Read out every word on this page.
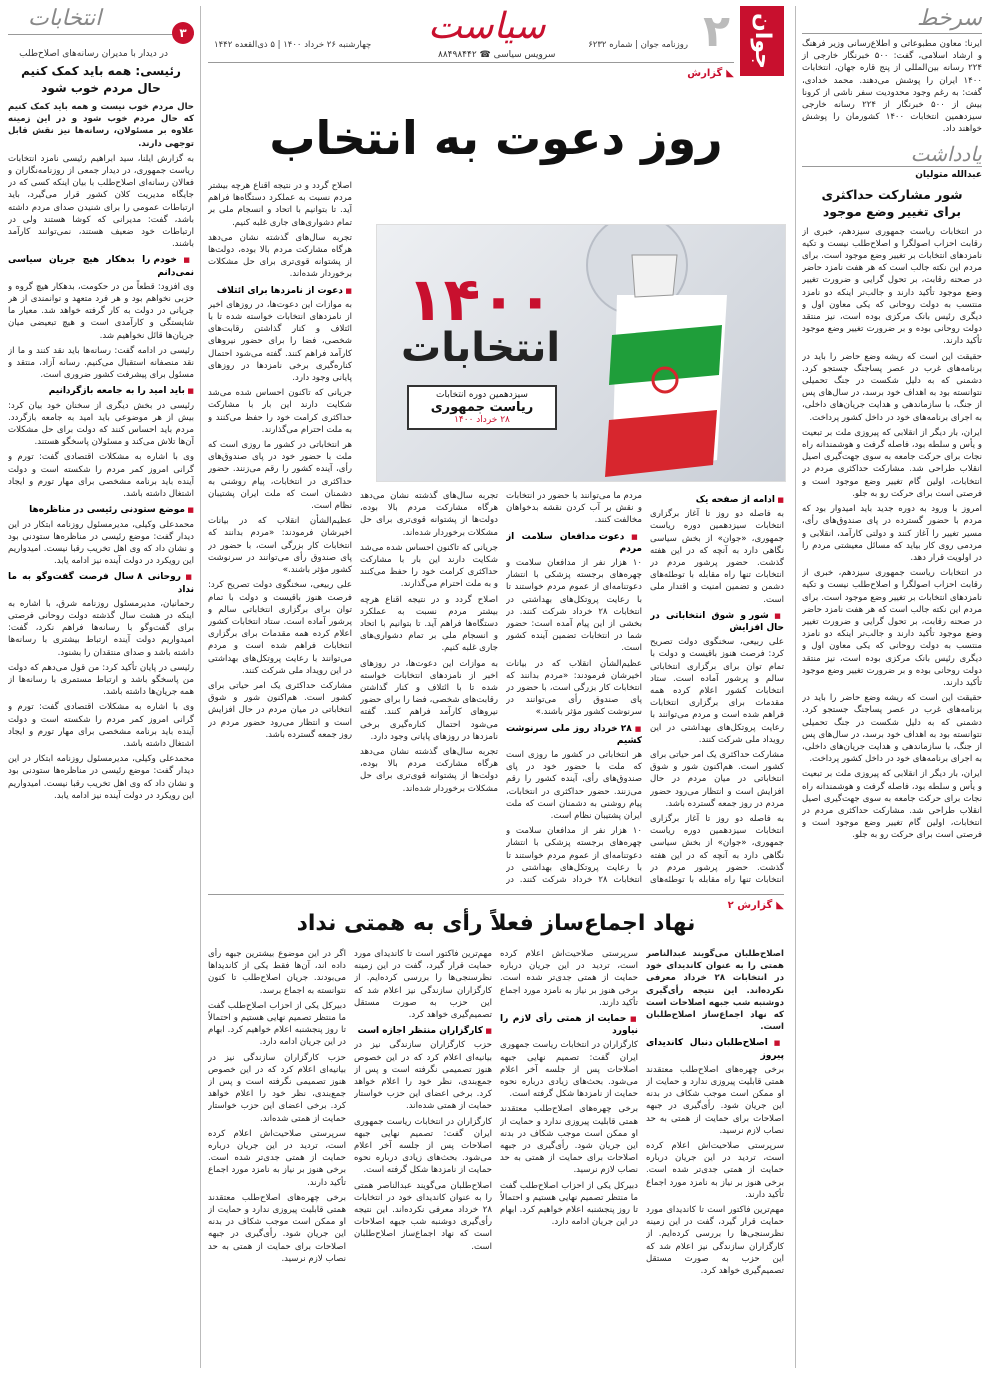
سرخط

ایرنا: معاون مطبوعاتی و اطلاع‌رسانی وزیر فرهنگ و ارشاد اسلامی، گفت: ۵۰۰ خبرنگار خارجی از ۲۲۴ رسانه بین‌المللی از پنج قاره جهان، انتخابات ۱۴۰۰ ایران را پوشش می‌دهند. محمد خدادی، گفت: به رغم وجود محدودیت سفر ناشی از کرونا بیش از ۵۰۰ خبرنگار از ۲۲۴ رسانه خارجی سیزدهمین انتخابات ۱۴۰۰ کشورمان را پوشش خواهند داد.

یادداشت
عبدالله متولیان
شور مشارکت حداکثری برای تغییر وضع موجود

در انتخابات ریاست جمهوری سیزدهم، خبری از رقابت احزاب اصولگرا و اصلاح‌طلب نیست و تکیه نامزدهای انتخابات بر تغییر وضع موجود است. برای مردم این نکته جالب است که هر هفت نامزد حاضر در صحنه رقابت، بر تحول گرایی و ضرورت تغییر وضع موجود تأکید دارند و جالب‌تر اینکه دو نامزد منتسب به دولت روحانی که یکی معاون اول و دیگری رئیس بانک مرکزی بوده است، نیز منتقد دولت روحانی بوده و بر ضرورت تغییر وضع موجود تأکید دارند.

حقیقت این است که ریشه وضع حاضر را باید در برنامه‌های غرب در عصر پساجنگ جستجو کرد. دشمنی که به دلیل شکست در جنگ تحمیلی نتوانسته بود به اهداف خود برسد، در سال‌های پس از جنگ، با سازماندهی و هدایت جریان‌های داخلی، به اجرای برنامه‌های خود در داخل کشور پرداخت.

ایران، بار دیگر از انقلابی که پیروزی ملت بر تبعیت و یأس و سلطه بود، فاصله گرفت و هوشمندانه راه نجات برای حرکت جامعه به سوی جهت‌گیری اصیل انقلاب طراحی شد. مشارکت حداکثری مردم در انتخابات، اولین گام تغییر وضع موجود است و فرصتی است برای حرکت رو به جلو.

امروز با ورود به دوره جدید باید امیدوار بود که مردم با حضور گسترده در پای صندوق‌های رأی، مسیر تغییر را آغاز کنند و دولتی کارآمد، انقلابی و مردمی روی کار بیاید که مسائل معیشتی مردم را در اولویت قرار دهد.

در انتخابات ریاست جمهوری سیزدهم، خبری از رقابت احزاب اصولگرا و اصلاح‌طلب نیست و تکیه نامزدهای انتخابات بر تغییر وضع موجود است. برای مردم این نکته جالب است که هر هفت نامزد حاضر در صحنه رقابت، بر تحول گرایی و ضرورت تغییر وضع موجود تأکید دارند و جالب‌تر اینکه دو نامزد منتسب به دولت روحانی که یکی معاون اول و دیگری رئیس بانک مرکزی بوده است، نیز منتقد دولت روحانی بوده و بر ضرورت تغییر وضع موجود تأکید دارند.

حقیقت این است که ریشه وضع حاضر را باید در برنامه‌های غرب در عصر پساجنگ جستجو کرد. دشمنی که به دلیل شکست در جنگ تحمیلی نتوانسته بود به اهداف خود برسد، در سال‌های پس از جنگ، با سازماندهی و هدایت جریان‌های داخلی، به اجرای برنامه‌های خود در داخل کشور پرداخت.

ایران، بار دیگر از انقلابی که پیروزی ملت بر تبعیت و یأس و سلطه بود، فاصله گرفت و هوشمندانه راه نجات برای حرکت جامعه به سوی جهت‌گیری اصیل انقلاب طراحی شد. مشارکت حداکثری مردم در انتخابات، اولین گام تغییر وضع موجود است و فرصتی است برای حرکت رو به جلو.

انتخابات
۳
در دیدار با مدیران رسانه‌های اصلاح‌طلب
رئیسی: همه باید کمک کنیم حال مردم خوب شود

حال مردم خوب نیست و همه باید کمک کنیم که حال مردم خوب شود و در این زمینه علاوه بر مسئولان، رسانه‌ها نیز نقش قابل توجهی دارند.

به گزارش ایلنا، سید ابراهیم رئیسی نامزد انتخابات ریاست جمهوری، در دیدار جمعی از روزنامه‌نگاران و فعالان رسانه‌ای اصلاح‌طلب با بیان اینکه کسی که در جایگاه مدیریت کلان کشور قرار می‌گیرد، باید ارتباطات عمومی را برای شنیدن صدای مردم داشته باشد، گفت: مدیرانی که کوشا هستند ولی در ارتباطات خود ضعیف هستند، نمی‌توانند کارآمد باشند.

■ خودم را بدهکار هیچ جریان سیاسی نمی‌دانم

وی افزود: قطعاً من در حکومت، بدهکار هیچ گروه و حزبی نخواهم بود و هر فرد متعهد و توانمندی از هر جریانی در دولت به کار گرفته خواهد شد. معیار ما شایستگی و کارآمدی است و هیچ تبعیضی میان جریان‌ها قائل نخواهیم شد.

رئیسی در ادامه گفت: رسانه‌ها باید نقد کنند و ما از نقد منصفانه استقبال می‌کنیم. رسانه آزاد، منتقد و مسئول برای پیشرفت کشور ضروری است.

■ باید امید را به جامعه بازگردانیم

رئیسی در بخش دیگری از سخنان خود بیان کرد: بیش از هر موضوعی باید امید به جامعه بازگردد. مردم باید احساس کنند که دولت برای حل مشکلات آن‌ها تلاش می‌کند و مسئولان پاسخگو هستند.

وی با اشاره به مشکلات اقتصادی گفت: تورم و گرانی امروز کمر مردم را شکسته است و دولت آینده باید برنامه مشخصی برای مهار تورم و ایجاد اشتغال داشته باشد.

■ موضع ستودنی رئیسی در مناظره‌ها

محمدعلی وکیلی، مدیرمسئول روزنامه ابتکار در این دیدار گفت: موضع رئیسی در مناظره‌ها ستودنی بود و نشان داد که وی اهل تخریب رقبا نیست. امیدواریم این رویکرد در دولت آینده نیز ادامه یابد.

■ روحانی ۸ سال فرصت گفت‌وگو به ما نداد

رحمانیان، مدیرمسئول روزنامه شرق، با اشاره به اینکه در هشت سال گذشته دولت روحانی فرصتی برای گفت‌وگو با رسانه‌ها فراهم نکرد، گفت: امیدواریم دولت آینده ارتباط بیشتری با رسانه‌ها داشته باشد و صدای منتقدان را بشنود.

رئیسی در پایان تأکید کرد: من قول می‌دهم که دولت من پاسخگو باشد و ارتباط مستمری با رسانه‌ها از همه جریان‌ها داشته باشد.

وی با اشاره به مشکلات اقتصادی گفت: تورم و گرانی امروز کمر مردم را شکسته است و دولت آینده باید برنامه مشخصی برای مهار تورم و ایجاد اشتغال داشته باشد.

محمدعلی وکیلی، مدیرمسئول روزنامه ابتکار در این دیدار گفت: موضع رئیسی در مناظره‌ها ستودنی بود و نشان داد که وی اهل تخریب رقبا نیست. امیدواریم این رویکرد در دولت آینده نیز ادامه یابد.

جوان
۲
روزنامه جوان | شماره ۶۲۳۲
سیاست
سرویس سیاسی ☎ ۸۸۴۹۸۴۴۲
چهارشنبه ۲۶ خرداد ۱۴۰۰ | ۵ ذی‌القعده ۱۴۴۲
◣گزارش
روز دعوت به انتخاب
۱۴۰۰
انتخابات
سیزدهمین دوره انتخابات
ریاست جمهوری
۲۸ خرداد ۱۴۰۰
■ ادامه از صفحه یک

به فاصله دو روز تا آغاز برگزاری انتخابات سیزدهمین دوره ریاست جمهوری، «جوان» از بخش سیاسی نگاهی دارد به آنچه که در این هفته گذشت. حضور پرشور مردم در انتخابات تنها راه مقابله با توطئه‌های دشمن و تضمین امنیت و اقتدار ملی است.

■ شور و شوق انتخاباتی در حال افزایش

علی ربیعی، سخنگوی دولت تصریح کرد: فرصت هنوز باقیست و دولت با تمام توان برای برگزاری انتخاباتی سالم و پرشور آماده است. ستاد انتخابات کشور اعلام کرده همه مقدمات برای برگزاری انتخابات فراهم شده است و مردم می‌توانند با رعایت پروتکل‌های بهداشتی در این رویداد ملی شرکت کنند.

مشارکت حداکثری یک امر حیاتی برای کشور است. هم‌اکنون شور و شوق انتخاباتی در میان مردم در حال افزایش است و انتظار می‌رود حضور مردم در روز جمعه گسترده باشد.

به فاصله دو روز تا آغاز برگزاری انتخابات سیزدهمین دوره ریاست جمهوری، «جوان» از بخش سیاسی نگاهی دارد به آنچه که در این هفته گذشت. حضور پرشور مردم در انتخابات تنها راه مقابله با توطئه‌های

مردم ما می‌توانند با حضور در انتخابات و نقش بر آب کردن نقشه بدخواهان مخالفت کنند.

■ دعوت مدافعان سلامت از مردم

۱۰ هزار نفر از مدافعان سلامت و چهره‌های برجسته پزشکی با انتشار دعوتنامه‌ای از عموم مردم خواستند تا با رعایت پروتکل‌های بهداشتی در انتخابات ۲۸ خرداد شرکت کنند. در بخشی از این پیام آمده است: حضور شما در انتخابات تضمین آینده کشور است.

عظیم‌الشأن انقلاب که در بیانات اخیرشان فرمودند: «مردم بدانند که انتخابات کار بزرگی است، با حضور در پای صندوق رأی می‌توانند در سرنوشت کشور مؤثر باشند.»

■ ۲۸ خرداد روز ملی سرنوشت کشیم

هر انتخاباتی در کشور ما روزی است که ملت با حضور خود در پای صندوق‌های رأی، آینده کشور را رقم می‌زنند. حضور حداکثری در انتخابات، پیام روشنی به دشمنان است که ملت ایران پشتیبان نظام است.

۱۰ هزار نفر از مدافعان سلامت و چهره‌های برجسته پزشکی با انتشار دعوتنامه‌ای از عموم مردم خواستند تا با رعایت پروتکل‌های بهداشتی در انتخابات ۲۸ خرداد شرکت کنند. در

تجربه سال‌های گذشته نشان می‌دهد هرگاه مشارکت مردم بالا بوده، دولت‌ها از پشتوانه قوی‌تری برای حل مشکلات برخوردار شده‌اند.

جریانی که تاکنون احساس شده می‌شد شکایت دارند این بار با مشارکت حداکثری کرامت خود را حفظ می‌کنند و به ملت احترام می‌گذارند.

اصلاح گردد و در نتیجه اقناع هرچه بیشتر مردم نسبت به عملکرد دستگاه‌ها فراهم آید. تا بتوانیم با اتحاد و انسجام ملی بر تمام دشواری‌های جاری غلبه کنیم.

به موازات این دعوت‌ها، در روزهای اخیر از نامزدهای انتخابات خواسته شده تا با ائتلاف و کنار گذاشتن رقابت‌های شخصی، فضا را برای حضور نیروهای کارآمد فراهم کنند. گفته می‌شود احتمال کناره‌گیری برخی نامزدها در روزهای پایانی وجود دارد.

تجربه سال‌های گذشته نشان می‌دهد هرگاه مشارکت مردم بالا بوده، دولت‌ها از پشتوانه قوی‌تری برای حل مشکلات برخوردار شده‌اند.

اصلاح گردد و در نتیجه اقناع هرچه بیشتر مردم نسبت به عملکرد دستگاه‌ها فراهم آید. تا بتوانیم با اتحاد و انسجام ملی بر تمام دشواری‌های جاری غلبه کنیم.

تجربه سال‌های گذشته نشان می‌دهد هرگاه مشارکت مردم بالا بوده، دولت‌ها از پشتوانه قوی‌تری برای حل مشکلات برخوردار شده‌اند.

■ دعوت از نامزدها برای ائتلاف

به موازات این دعوت‌ها، در روزهای اخیر از نامزدهای انتخابات خواسته شده تا با ائتلاف و کنار گذاشتن رقابت‌های شخصی، فضا را برای حضور نیروهای کارآمد فراهم کنند. گفته می‌شود احتمال کناره‌گیری برخی نامزدها در روزهای پایانی وجود دارد.

جریانی که تاکنون احساس شده می‌شد شکایت دارند این بار با مشارکت حداکثری کرامت خود را حفظ می‌کنند و به ملت احترام می‌گذارند.

هر انتخاباتی در کشور ما روزی است که ملت با حضور خود در پای صندوق‌های رأی، آینده کشور را رقم می‌زنند. حضور حداکثری در انتخابات، پیام روشنی به دشمنان است که ملت ایران پشتیبان نظام است.

عظیم‌الشأن انقلاب که در بیانات اخیرشان فرمودند: «مردم بدانند که انتخابات کار بزرگی است، با حضور در پای صندوق رأی می‌توانند در سرنوشت کشور مؤثر باشند.»

علی ربیعی، سخنگوی دولت تصریح کرد: فرصت هنوز باقیست و دولت با تمام توان برای برگزاری انتخاباتی سالم و پرشور آماده است. ستاد انتخابات کشور اعلام کرده همه مقدمات برای برگزاری انتخابات فراهم شده است و مردم می‌توانند با رعایت پروتکل‌های بهداشتی در این رویداد ملی شرکت کنند.

مشارکت حداکثری یک امر حیاتی برای کشور است. هم‌اکنون شور و شوق انتخاباتی در میان مردم در حال افزایش است و انتظار می‌رود حضور مردم در روز جمعه گسترده باشد.

◣گزارش ۲
نهاد اجماع‌ساز فعلاً رأی به همتی نداد

اصلاح‌طلبان می‌گویند عبدالناصر همتی را به عنوان کاندیدای خود در انتخابات ۲۸ خرداد معرفی نکرده‌اند. این نتیجه رأی‌گیری دوشنبه شب جبهه اصلاحات است که نهاد اجماع‌ساز اصلاح‌طلبان است.

■ اصلاح‌طلبان دنبال کاندیدای پیروز

برخی چهره‌های اصلاح‌طلب معتقدند همتی قابلیت پیروزی ندارد و حمایت از او ممکن است موجب شکاف در بدنه این جریان شود. رأی‌گیری در جبهه اصلاحات برای حمایت از همتی به حد نصاب لازم نرسید.

سرپرستی صلاحیت‌اش اعلام کرده است، تردید در این جریان درباره حمایت از همتی جدی‌تر شده است. برخی هنوز بر نیاز به نامزد مورد اجماع تأکید دارند.

مهم‌ترین فاکتور است تا کاندیدای مورد حمایت قرار گیرد، گفت در این زمینه نظرسنجی‌ها را بررسی کرده‌ایم. از کارگزاران سازندگی نیز اعلام شد که این حزب به صورت مستقل تصمیم‌گیری خواهد کرد.

سرپرستی صلاحیت‌اش اعلام کرده است، تردید در این جریان درباره حمایت از همتی جدی‌تر شده است. برخی هنوز بر نیاز به نامزد مورد اجماع تأکید دارند.

■ حمایت از همتی رأی لازم را نیاورد

کارگزاران در انتخابات ریاست جمهوری ایران گفت: تصمیم نهایی جبهه اصلاحات پس از جلسه آخر اعلام می‌شود. بحث‌های زیادی درباره نحوه حمایت از نامزدها شکل گرفته است.

برخی چهره‌های اصلاح‌طلب معتقدند همتی قابلیت پیروزی ندارد و حمایت از او ممکن است موجب شکاف در بدنه این جریان شود. رأی‌گیری در جبهه اصلاحات برای حمایت از همتی به حد نصاب لازم نرسید.

دبیرکل یکی از احزاب اصلاح‌طلب گفت ما منتظر تصمیم نهایی هستیم و احتمالاً تا روز پنجشنبه اعلام خواهیم کرد. ابهام در این جریان ادامه دارد.

مهم‌ترین فاکتور است تا کاندیدای مورد حمایت قرار گیرد، گفت در این زمینه نظرسنجی‌ها را بررسی کرده‌ایم. از کارگزاران سازندگی نیز اعلام شد که این حزب به صورت مستقل تصمیم‌گیری خواهد کرد.

■ کارگزاران منتظر اجازه است

حزب کارگزاران سازندگی نیز در بیانیه‌ای اعلام کرد که در این خصوص هنوز تصمیمی نگرفته است و پس از جمع‌بندی، نظر خود را اعلام خواهد کرد. برخی اعضای این حزب خواستار حمایت از همتی شده‌اند.

کارگزاران در انتخابات ریاست جمهوری ایران گفت: تصمیم نهایی جبهه اصلاحات پس از جلسه آخر اعلام می‌شود. بحث‌های زیادی درباره نحوه حمایت از نامزدها شکل گرفته است.

اصلاح‌طلبان می‌گویند عبدالناصر همتی را به عنوان کاندیدای خود در انتخابات ۲۸ خرداد معرفی نکرده‌اند. این نتیجه رأی‌گیری دوشنبه شب جبهه اصلاحات است که نهاد اجماع‌ساز اصلاح‌طلبان است.

اگر در این موضوع بیشترین جبهه رأی داده اند، آن‌ها فقط یکی از کاندیداها می‌بودند. جریان اصلاح‌طلب تا کنون نتوانسته به اجماع برسد.

دبیرکل یکی از احزاب اصلاح‌طلب گفت ما منتظر تصمیم نهایی هستیم و احتمالاً تا روز پنجشنبه اعلام خواهیم کرد. ابهام در این جریان ادامه دارد.

حزب کارگزاران سازندگی نیز در بیانیه‌ای اعلام کرد که در این خصوص هنوز تصمیمی نگرفته است و پس از جمع‌بندی، نظر خود را اعلام خواهد کرد. برخی اعضای این حزب خواستار حمایت از همتی شده‌اند.

سرپرستی صلاحیت‌اش اعلام کرده است، تردید در این جریان درباره حمایت از همتی جدی‌تر شده است. برخی هنوز بر نیاز به نامزد مورد اجماع تأکید دارند.

برخی چهره‌های اصلاح‌طلب معتقدند همتی قابلیت پیروزی ندارد و حمایت از او ممکن است موجب شکاف در بدنه این جریان شود. رأی‌گیری در جبهه اصلاحات برای حمایت از همتی به حد نصاب لازم نرسید.
